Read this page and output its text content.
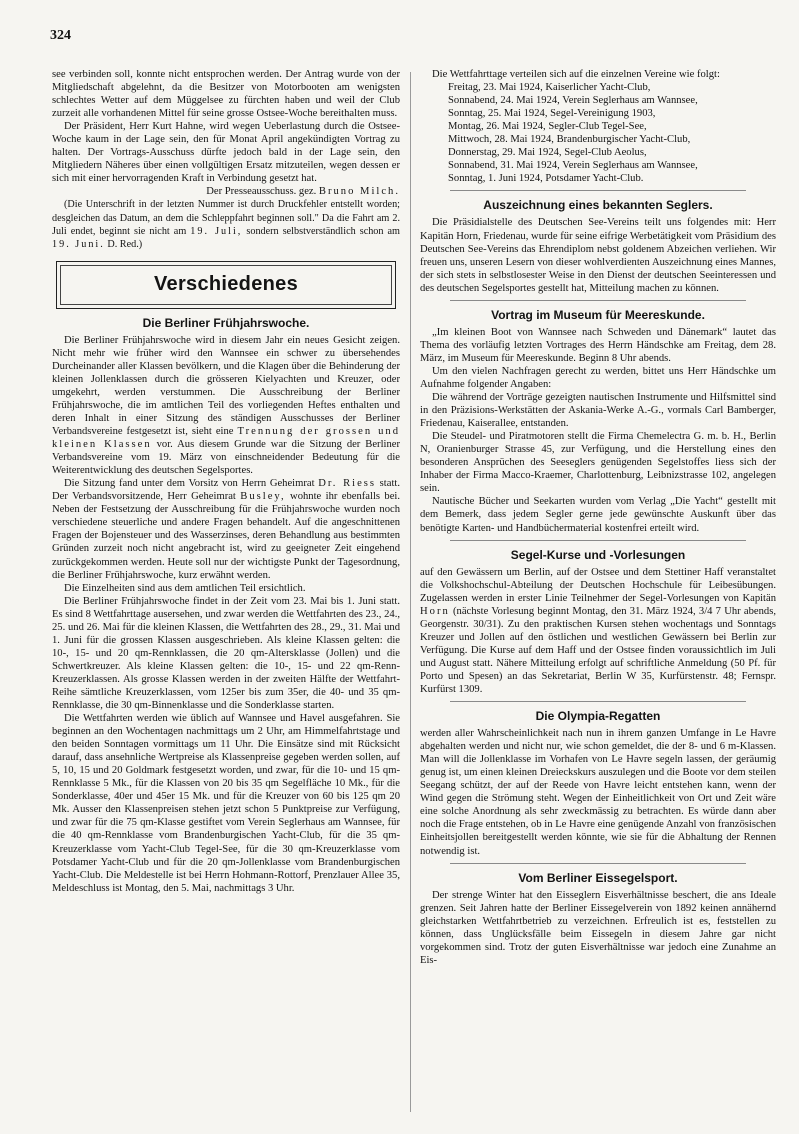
324

see verbinden soll, konnte nicht entsprochen werden. Der Antrag wurde von der Mitgliedschaft abgelehnt, da die Besitzer von Motorbooten am wenigsten schlechtes Wetter auf dem Müggelsee zu fürchten haben und weil der Club zurzeit alle vorhandenen Mittel für seine grosse Ostsee-Woche bereithalten muss.

Der Präsident, Herr Kurt Hahne, wird wegen Ueberlastung durch die Ostsee-Woche kaum in der Lage sein, den für Monat April angekündigten Vortrag zu halten. Der Vortrags-Ausschuss dürfte jedoch bald in der Lage sein, den Mitgliedern Näheres über einen vollgültigen Ersatz mitzuteilen, wegen dessen er sich mit einer hervorragenden Kraft in Verbindung gesetzt hat.

Der Presseausschuss. gez. Bruno Milch.

(Die Unterschrift in der letzten Nummer ist durch Druckfehler entstellt worden; desgleichen das Datum, an dem die Schleppfahrt beginnen soll." Da die Fahrt am 2. Juli endet, beginnt sie nicht am 19. Juli, sondern selbstverständlich schon am 19. Juni. D. Red.)

Verschiedenes
Die Berliner Frühjahrswoche.

Die Berliner Frühjahrswoche wird in diesem Jahr ein neues Gesicht zeigen. Nicht mehr wie früher wird den Wannsee ein schwer zu übersehendes Durcheinander aller Klassen bevölkern, und die Klagen über die Behinderung der kleinen Jollenklassen durch die grösseren Kielyachten und Kreuzer, oder umgekehrt, werden verstummen. Die Ausschreibung der Berliner Frühjahrswoche, die im amtlichen Teil des vorliegenden Heftes enthalten und deren Inhalt in einer Sitzung des ständigen Ausschusses der Berliner Verbandsvereine festgesetzt ist, sieht eine Trennung der grossen und kleinen Klassen vor. Aus diesem Grunde war die Sitzung der Berliner Verbandsvereine vom 19. März von einschneidender Bedeutung für die Weiterentwicklung des deutschen Segelsportes.

Die Sitzung fand unter dem Vorsitz von Herrn Geheimrat Dr. Riess statt. Der Verbandsvorsitzende, Herr Geheimrat Busley, wohnte ihr ebenfalls bei. Neben der Festsetzung der Ausschreibung für die Frühjahrswoche wurden noch verschiedene steuerliche und andere Fragen behandelt. Auf die angeschnittenen Fragen der Bojensteuer und des Wasserzinses, deren Behandlung aus bestimmten Gründen zurzeit noch nicht angebracht ist, wird zu geeigneter Zeit eingehend zurückgekommen werden. Heute soll nur der wichtigste Punkt der Tagesordnung, die Berliner Frühjahrswoche, kurz erwähnt werden.

Die Einzelheiten sind aus dem amtlichen Teil ersichtlich.

Die Berliner Frühjahrswoche findet in der Zeit vom 23. Mai bis 1. Juni statt. Es sind 8 Wettfahrttage ausersehen, und zwar werden die Wettfahrten des 23., 24., 25. und 26. Mai für die kleinen Klassen, die Wettfahrten des 28., 29., 31. Mai und 1. Juni für die grossen Klassen ausgeschrieben. Als kleine Klassen gelten: die 10-, 15- und 20 qm-Rennklassen, die 20 qm-Altersklasse (Jollen) und die Schwertkreuzer. Als kleine Klassen gelten: die 10-, 15- und 22 qm-Renn-Kreuzerklassen. Als grosse Klassen werden in der zweiten Hälfte der Wettfahrt-Reihe sämtliche Kreuzerklassen, vom 125er bis zum 35er, die 40- und 35 qm-Rennklasse, die 30 qm-Binnenklasse und die Sonderklasse starten.

Die Wettfahrten werden wie üblich auf Wannsee und Havel ausgefahren. Sie beginnen an den Wochentagen nachmittags um 2 Uhr, am Himmelfahrtstage und den beiden Sonntagen vormittags um 11 Uhr. Die Einsätze sind mit Rücksicht darauf, dass ansehnliche Wertpreise als Klassenpreise gegeben werden sollen, auf 5, 10, 15 und 20 Goldmark festgesetzt worden, und zwar, für die 10- und 15 qm-Rennklasse 5 Mk., für die Klassen von 20 bis 35 qm Segelfläche 10 Mk., für die Sonderklasse, 40er und 45er 15 Mk. und für die Kreuzer von 60 bis 125 qm 20 Mk. Ausser den Klassenpreisen stehen jetzt schon 5 Punktpreise zur Verfügung, und zwar für die 75 qm-Klasse gestiftet vom Verein Seglerhaus am Wannsee, für die 40 qm-Rennklasse vom Brandenburgischen Yacht-Club, für die 35 qm-Kreuzerklasse vom Yacht-Club Tegel-See, für die 30 qm-Kreuzerklasse vom Potsdamer Yacht-Club und für die 20 qm-Jollenklasse vom Brandenburgischen Yacht-Club. Die Meldestelle ist bei Herrn Hohmann-Rottorf, Prenzlauer Allee 35, Meldeschluss ist Montag, den 5. Mai, nachmittags 3 Uhr.

Die Wettfahrttage verteilen sich auf die einzelnen Vereine wie folgt:

Freitag, 23. Mai 1924, Kaiserlicher Yacht-Club,
Sonnabend, 24. Mai 1924, Verein Seglerhaus am Wannsee,
Sonntag, 25. Mai 1924, Segel-Vereinigung 1903,
Montag, 26. Mai 1924, Segler-Club Tegel-See,
Mittwoch, 28. Mai 1924, Brandenburgischer Yacht-Club,
Donnerstag, 29. Mai 1924, Segel-Club Aeolus,
Sonnabend, 31. Mai 1924, Verein Seglerhaus am Wannsee,
Sonntag, 1. Juni 1924, Potsdamer Yacht-Club.
Auszeichnung eines bekannten Seglers.

Die Präsidialstelle des Deutschen See-Vereins teilt uns folgendes mit: Herr Kapitän Horn, Friedenau, wurde für seine eifrige Werbetätigkeit vom Präsidium des Deutschen See-Vereins das Ehrendiplom nebst goldenem Abzeichen verliehen. Wir freuen uns, unseren Lesern von dieser wohlverdienten Auszeichnung eines Mannes, der sich stets in selbstlosester Weise in den Dienst der deutschen Seeinteressen und des deutschen Segelsportes gestellt hat, Mitteilung machen zu können.

Vortrag im Museum für Meereskunde.

„Im kleinen Boot von Wannsee nach Schweden und Dänemark“ lautet das Thema des vorläufig letzten Vortrages des Herrn Händschke am Freitag, dem 28. März, im Museum für Meereskunde. Beginn 8 Uhr abends.

Um den vielen Nachfragen gerecht zu werden, bittet uns Herr Händschke um Aufnahme folgender Angaben:

Die während der Vorträge gezeigten nautischen Instrumente und Hilfsmittel sind in den Präzisions-Werkstätten der Askania-Werke A.-G., vormals Carl Bamberger, Friedenau, Kaiserallee, entstanden.

Die Steudel- und Piratmotoren stellt die Firma Chemelectra G. m. b. H., Berlin N, Oranienburger Strasse 45, zur Verfügung, und die Herstellung eines den besonderen Ansprüchen des Seeseglers genügenden Segelstoffes liess sich der Inhaber der Firma Macco-Kraemer, Charlottenburg, Leibnizstrasse 102, angelegen sein.

Nautische Bücher und Seekarten wurden vom Verlag „Die Yacht“ gestellt mit dem Bemerk, dass jedem Segler gerne jede gewünschte Auskunft über das benötigte Karten- und Handbüchermaterial kostenfrei erteilt wird.

Segel-Kurse und -Vorlesungen

auf den Gewässern um Berlin, auf der Ostsee und dem Stettiner Haff veranstaltet die Volkshochschul-Abteilung der Deutschen Hochschule für Leibesübungen. Zugelassen werden in erster Linie Teilnehmer der Segel-Vorlesungen von Kapitän Horn (nächste Vorlesung beginnt Montag, den 31. März 1924, 3/4 7 Uhr abends, Georgenstr. 30/31). Zu den praktischen Kursen stehen wochentags und Sonntags Kreuzer und Jollen auf den östlichen und westlichen Gewässern bei Berlin zur Verfügung. Die Kurse auf dem Haff und der Ostsee finden voraussichtlich im Juli und August statt. Nähere Mitteilung erfolgt auf schriftliche Anmeldung (50 Pf. für Porto und Spesen) an das Sekretariat, Berlin W 35, Kurfürstenstr. 48; Fernspr. Kurfürst 1309.

Die Olympia-Regatten

werden aller Wahrscheinlichkeit nach nun in ihrem ganzen Umfange in Le Havre abgehalten werden und nicht nur, wie schon gemeldet, die der 8- und 6 m-Klassen. Man will die Jollenklasse im Vorhafen von Le Havre segeln lassen, der geräumig genug ist, um einen kleinen Dreieckskurs auszulegen und die Boote vor dem steilen Seegang schützt, der auf der Reede von Havre leicht entstehen kann, wenn der Wind gegen die Strömung steht. Wegen der Einheitlichkeit von Ort und Zeit wäre eine solche Anordnung als sehr zweckmässig zu betrachten. Es würde dann aber noch die Frage entstehen, ob in Le Havre eine genügende Anzahl von französischen Einheitsjollen bereitgestellt werden könnte, wie sie für die Abhaltung der Rennen notwendig ist.

Vom Berliner Eissegelsport.

Der strenge Winter hat den Eisseglern Eisverhältnisse beschert, die ans Ideale grenzen. Seit Jahren hatte der Berliner Eissegelverein von 1892 keinen annähernd gleichstarken Wettfahrtbetrieb zu verzeichnen. Erfreulich ist es, feststellen zu können, dass Unglücksfälle beim Eissegeln in diesem Jahre gar nicht vorgekommen sind. Trotz der guten Eisverhältnisse war jedoch eine Zunahme an Eis-
